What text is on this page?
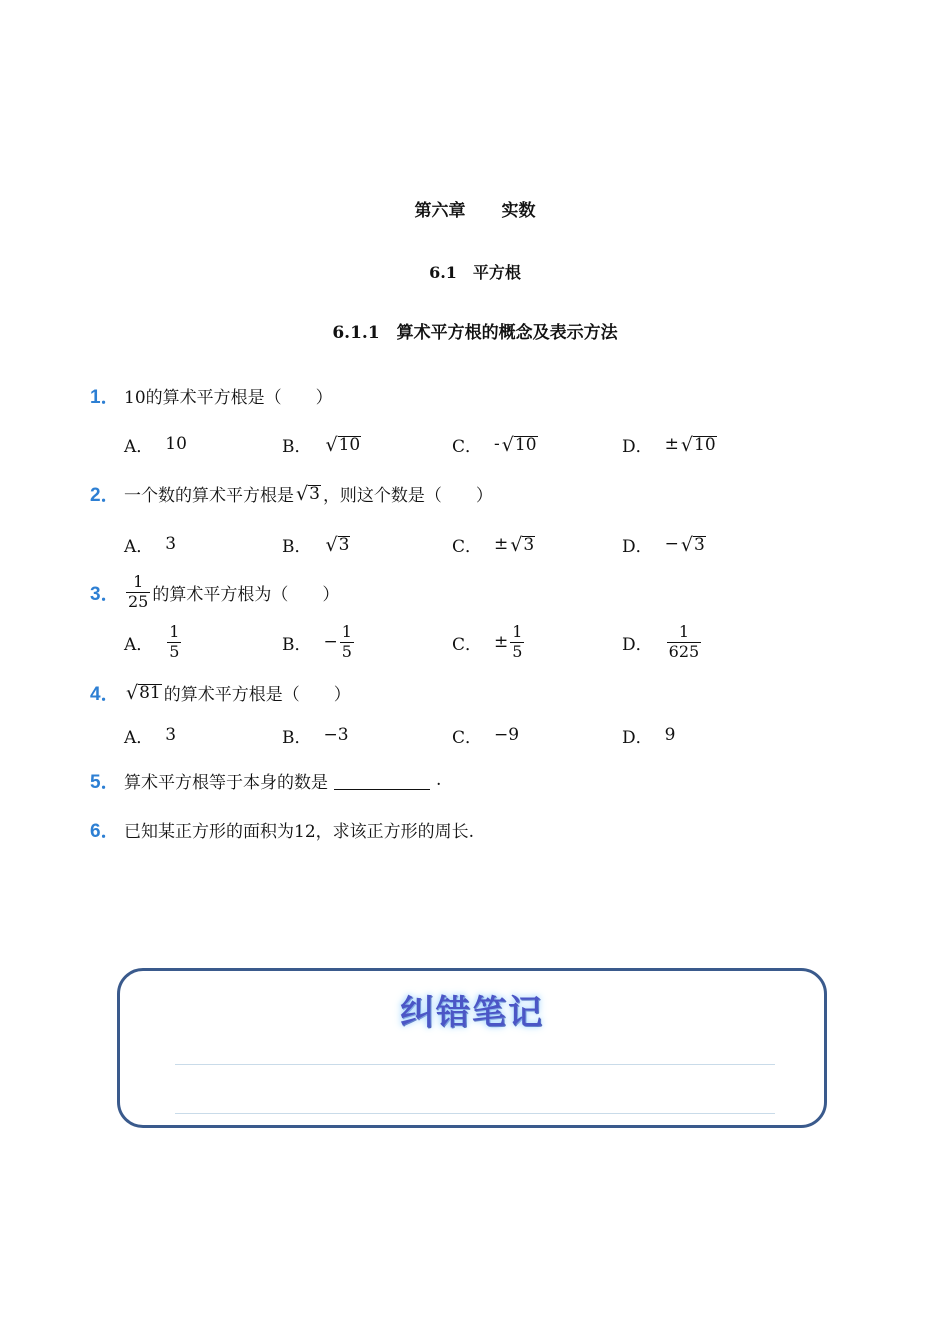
第六章 实数
6.1　平方根
6.1.1　算术平方根的概念及表示方法
1． 10的算术平方根是（　　）
A． 10	B． √ 10	C． - √ 10	D． ± √ 10
2． 一个数的算术平方根是 √ 3 ，则这个数是（　　）
A． 3	B． √ 3	C． ± √ 3	D． − √ 3
3． $\frac{1}{25}$ 的算术平方根为（　　）
A． $\frac{1}{5}$	B． − $\frac{1}{5}$	C． ± $\frac{1}{5}$	D． $\frac{1}{625}$
4． √ 81 的算术平方根是（　　）
A． 3	B． −3	C． −9	D． 9
5． 算术平方根等于本身的数是	.
6． 已知某正方形的面积为12，求该正方形的周长.
纠错笔记
